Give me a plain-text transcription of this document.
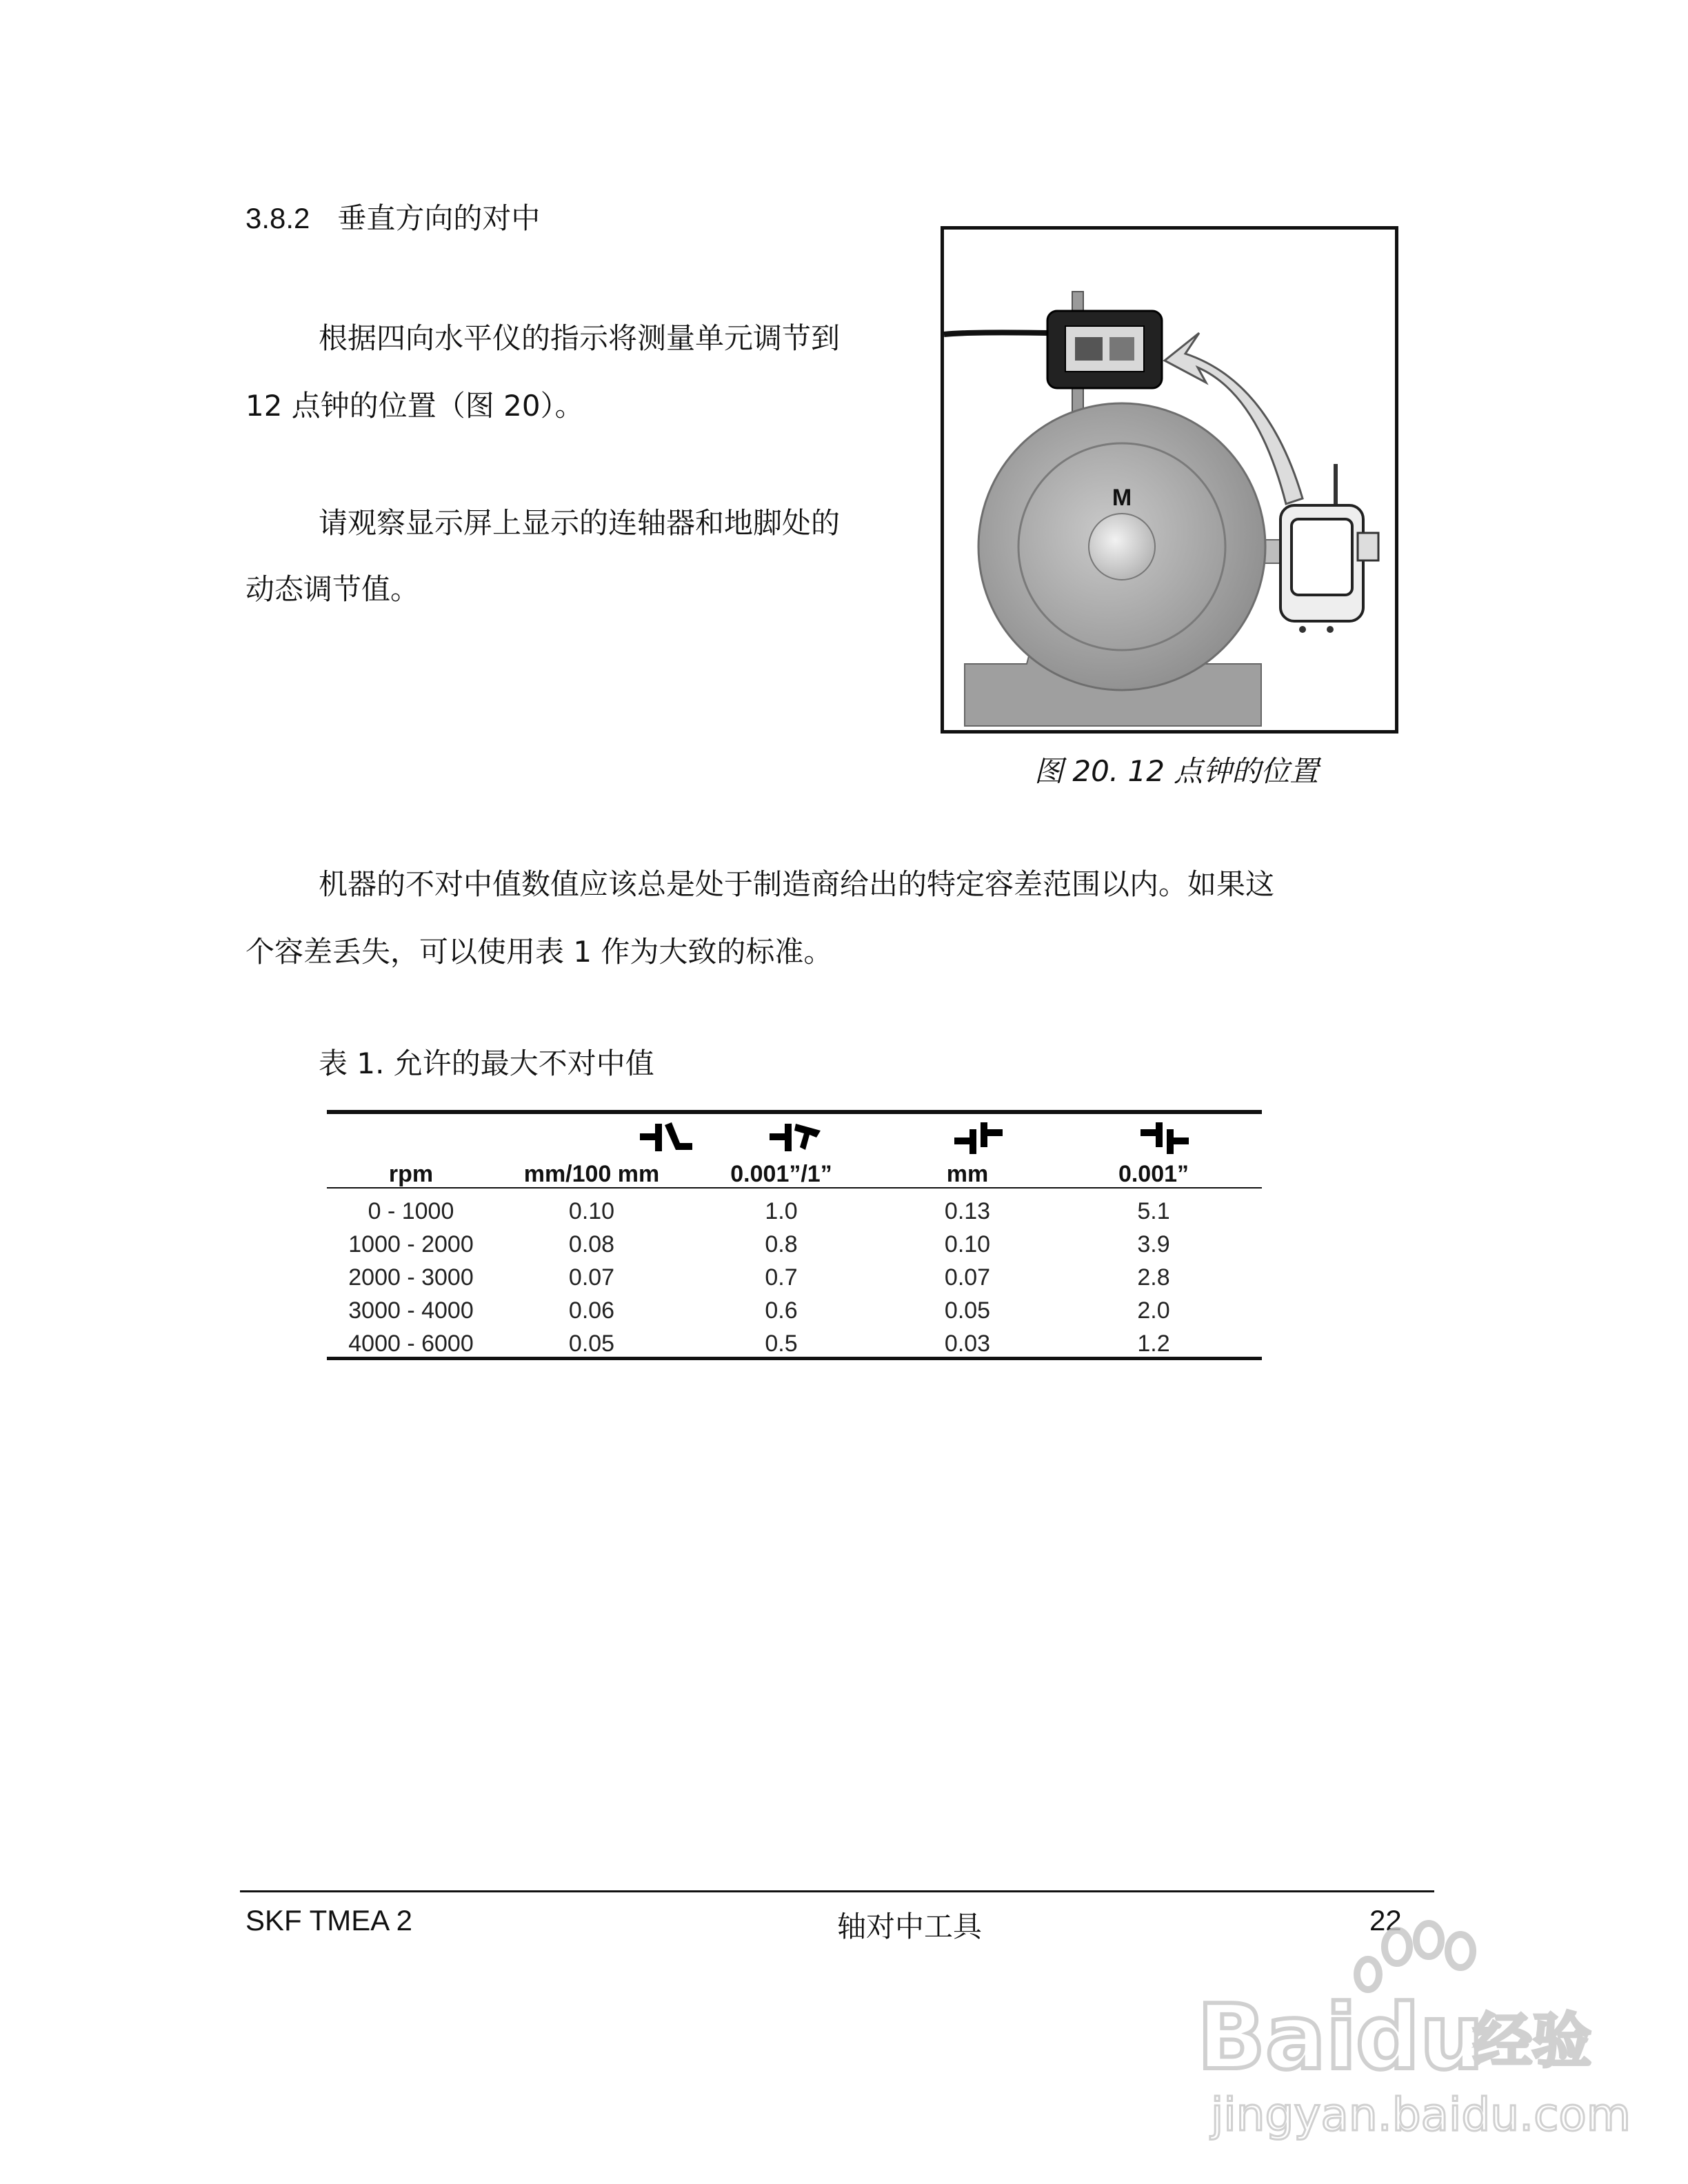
3.8.2 垂直方向的对中
根据四向水平仪的指示将测量单元调节到
12 点钟的位置（图 20）。
请观察显示屏上显示的连轴器和地脚处的
动态调节值。
M
图 20. 12 点钟的位置
机器的不对中值数值应该总是处于制造商给出的特定容差范围以内。如果这
个容差丢失，可以使用表 1 作为大致的标准。
表 1. 允许的最大不对中值
rpm	mm/100 mm	0.001”/1”	mm	0.001”
0 - 1000	0.10	1.0	0.13	5.1
1000 - 2000	0.08	0.8	0.10	3.9
2000 - 3000	0.07	0.7	0.07	2.8
3000 - 4000	0.06	0.6	0.05	2.0
4000 - 6000	0.05	0.5	0.03	1.2
SKF TMEA 2	轴对中工具	22
Bai
du
经验
jingyan.baidu.com
